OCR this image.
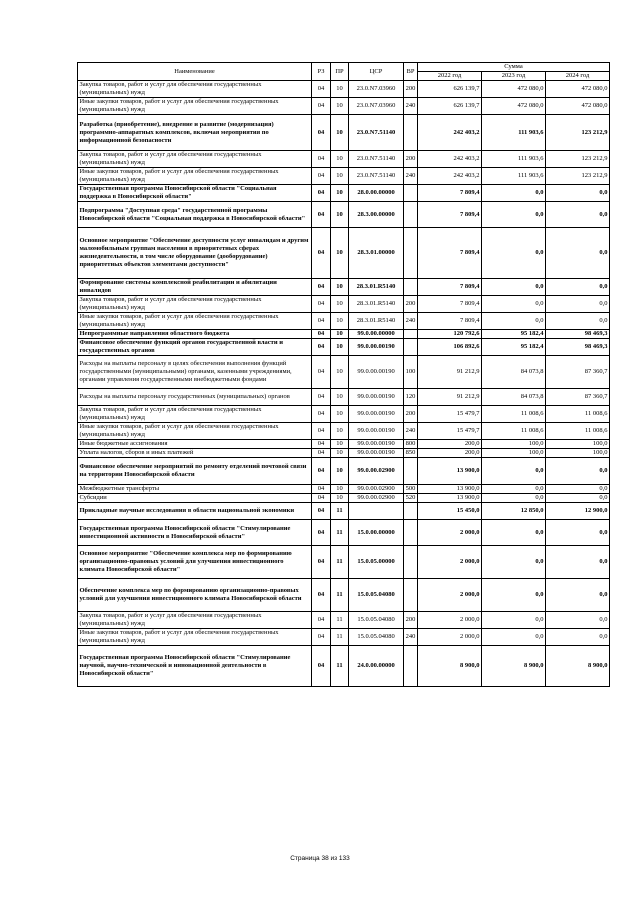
Наименование	РЗ	ПР	ЦСР	ВР	Сумма		
					2022 год	2023 год	2024 год
Закупка товаров, работ и услуг для обеспечения государственных (муниципальных) нужд	04	10	23.0.N7.03960	200	626 139,7	472 080,0	472 080,0
Иные закупки товаров, работ и услуг для обеспечения государственных (муниципальных) нужд	04	10	23.0.N7.03960	240	626 139,7	472 080,0	472 080,0
Разработка (приобретение), внедрение и развитие (модернизация) программно-аппаратных комплексов, включая мероприятия по информационной безопасности	04	10	23.0.N7.51140		242 403,2	111 903,6	123 212,9
Закупка товаров, работ и услуг для обеспечения государственных (муниципальных) нужд	04	10	23.0.N7.51140	200	242 403,2	111 903,6	123 212,9
Иные закупки товаров, работ и услуг для обеспечения государственных (муниципальных) нужд	04	10	23.0.N7.51140	240	242 403,2	111 903,6	123 212,9
Государственная программа Новосибирской области "Социальная поддержка в Новосибирской области"	04	10	28.0.00.00000		7 809,4	0,0	0,0
Подпрограмма "Доступная среда" государственной программы Новосибирской области "Социальная поддержка в Новосибирской области"	04	10	28.3.00.00000		7 809,4	0,0	0,0
Основное мероприятие "Обеспечение доступности услуг инвалидам и другим маломобильным группам населения в приоритетных сферах жизнедеятельности, в том числе оборудование (дооборудование) приоритетных объектов элементами доступности"	04	10	28.3.01.00000		7 809,4	0,0	0,0
Формирование системы комплексной реабилитации и абилитации инвалидов	04	10	28.3.01.R5140		7 809,4	0,0	0,0
Закупка товаров, работ и услуг для обеспечения государственных (муниципальных) нужд	04	10	28.3.01.R5140	200	7 809,4	0,0	0,0
Иные закупки товаров, работ и услуг для обеспечения государственных (муниципальных) нужд	04	10	28.3.01.R5140	240	7 809,4	0,0	0,0
Непрограммные направления областного бюджета	04	10	99.0.00.00000		120 792,6	95 182,4	98 469,3
Финансовое обеспечение функций органов государственной власти и государственных органов	04	10	99.0.00.00190		106 892,6	95 182,4	98 469,3
Расходы на выплаты персоналу в целях обеспечения выполнения функций государственными (муниципальными) органами, казенными учреждениями, органами управления государственными внебюджетными фондами	04	10	99.0.00.00190	100	91 212,9	84 073,8	87 360,7
Расходы на выплаты персоналу государственных (муниципальных) органов	04	10	99.0.00.00190	120	91 212,9	84 073,8	87 360,7
Закупка товаров, работ и услуг для обеспечения государственных (муниципальных) нужд	04	10	99.0.00.00190	200	15 479,7	11 008,6	11 008,6
Иные закупки товаров, работ и услуг для обеспечения государственных (муниципальных) нужд	04	10	99.0.00.00190	240	15 479,7	11 008,6	11 008,6
Иные бюджетные ассигнования	04	10	99.0.00.00190	800	200,0	100,0	100,0
Уплата налогов, сборов и иных платежей	04	10	99.0.00.00190	850	200,0	100,0	100,0
Финансовое обеспечение мероприятий по ремонту отделений почтовой связи на территории Новосибирской области	04	10	99.0.00.02900		13 900,0	0,0	0,0
Межбюджетные трансферты	04	10	99.0.00.02900	500	13 900,0	0,0	0,0
Субсидии	04	10	99.0.00.02900	520	13 900,0	0,0	0,0
Прикладные научные исследования в области национальной экономики	04	11			15 450,0	12 850,0	12 900,0
Государственная программа Новосибирской области "Стимулирование инвестиционной активности в Новосибирской области"	04	11	15.0.00.00000		2 000,0	0,0	0,0
Основное мероприятие "Обеспечение комплекса мер по формированию организационно-правовых условий для улучшения инвестиционного климата Новосибирской области"	04	11	15.0.05.00000		2 000,0	0,0	0,0
Обеспечение комплекса мер по формированию организационно-правовых условий для улучшения инвестиционного климата Новосибирской области	04	11	15.0.05.04080		2 000,0	0,0	0,0
Закупка товаров, работ и услуг для обеспечения государственных (муниципальных) нужд	04	11	15.0.05.04080	200	2 000,0	0,0	0,0
Иные закупки товаров, работ и услуг для обеспечения государственных (муниципальных) нужд	04	11	15.0.05.04080	240	2 000,0	0,0	0,0
Государственная программа Новосибирской области "Стимулирование научной, научно-технической и инновационной деятельности в Новосибирской области"	04	11	24.0.00.00000		8 900,0	8 900,0	8 900,0
Страница 38 из 133
